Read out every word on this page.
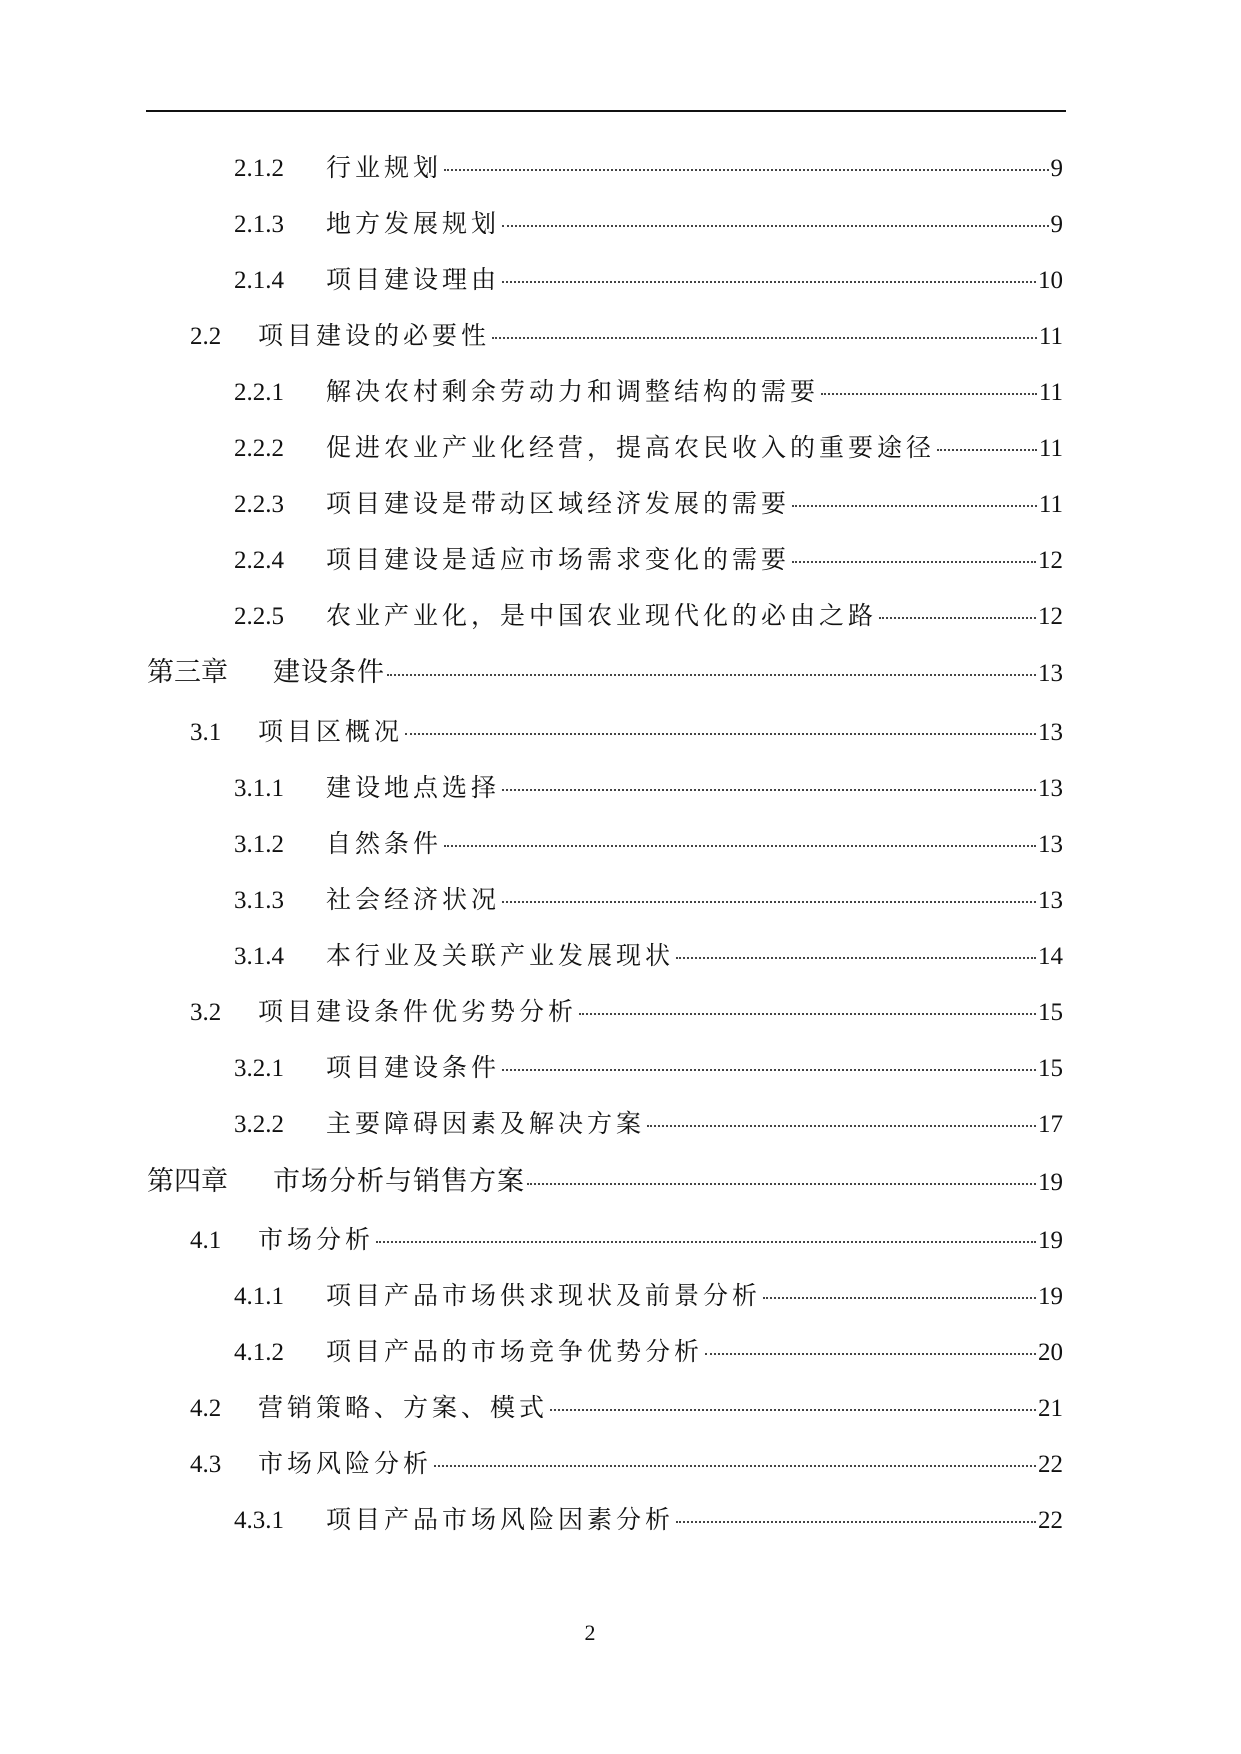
2.1.2	行业规划	9
2.1.3	地方发展规划	9
2.1.4	项目建设理由	10
2.2	项目建设的必要性	11
2.2.1	解决农村剩余劳动力和调整结构的需要	11
2.2.2	促进农业产业化经营，提高农民收入的重要途径	11
2.2.3	项目建设是带动区域经济发展的需要	11
2.2.4	项目建设是适应市场需求变化的需要	12
2.2.5	农业产业化，是中国农业现代化的必由之路	12
第三章	建设条件	13
3.1	项目区概况	13
3.1.1	建设地点选择	13
3.1.2	自然条件	13
3.1.3	社会经济状况	13
3.1.4	本行业及关联产业发展现状	14
3.2	项目建设条件优劣势分析	15
3.2.1	项目建设条件	15
3.2.2	主要障碍因素及解决方案	17
第四章	市场分析与销售方案	19
4.1	市场分析	19
4.1.1	项目产品市场供求现状及前景分析	19
4.1.2	项目产品的市场竞争优势分析	20
4.2	营销策略、方案、模式	21
4.3	市场风险分析	22
4.3.1	项目产品市场风险因素分析	22
2
